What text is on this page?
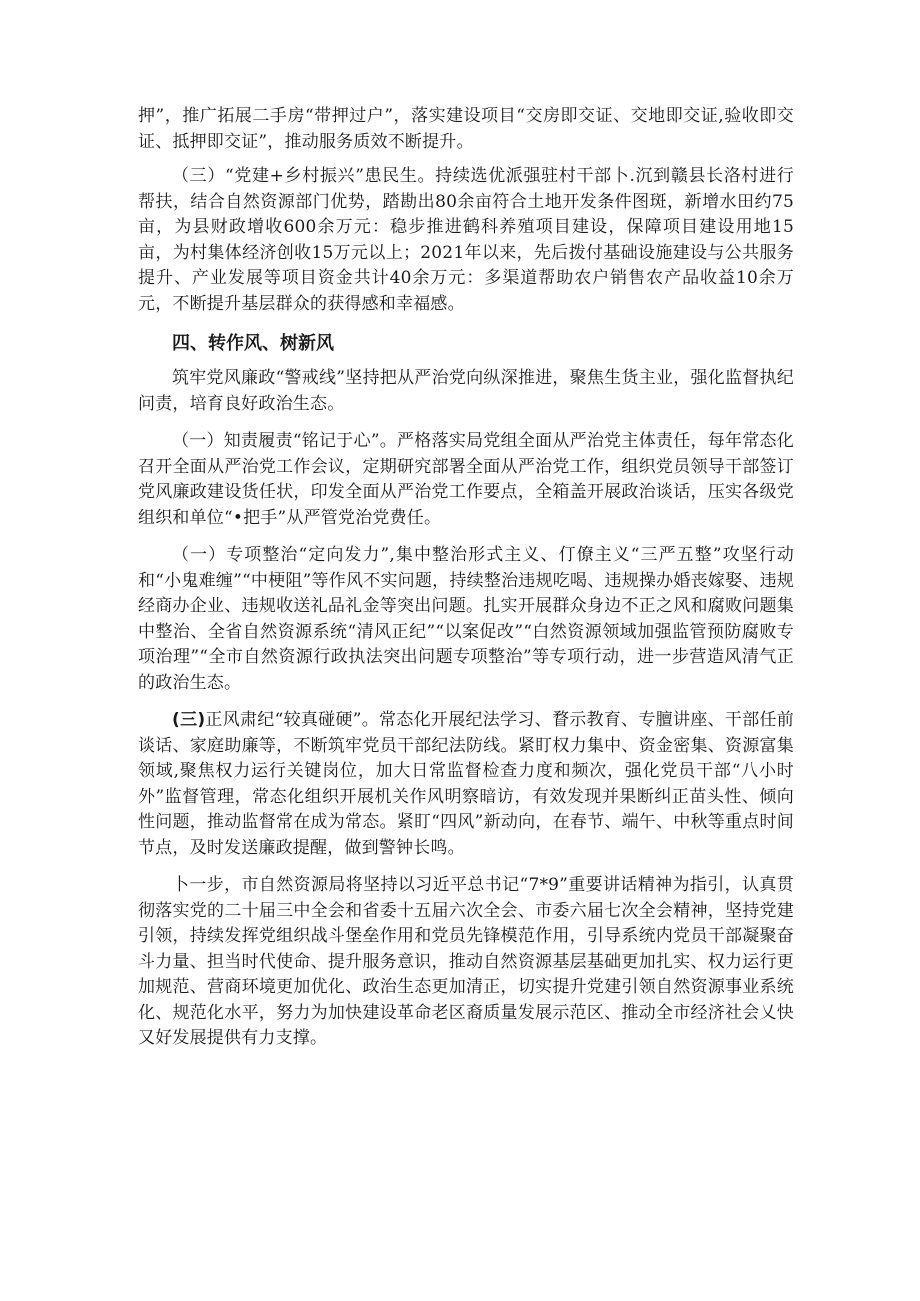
押”，推广拓展二手房“带押过户”，落实建设项目“交房即交证、交地即交证,验收即交证、抵押即交证”，推动服务质效不断提升。

（三）“党建+乡村振兴”患民生。持续选优派强驻村干部卜.沉到赣县长洛村进行帮扶，结合自然资源部门优势，踏勘出80余亩符合土地开发条件图斑，新增水田约75亩，为县财政增收600余万元：稳步推进鹤科养殖项目建设，保障项目建设用地15亩，为村集体经济创收15万元以上；2021年以来，先后拨付基础设施建设与公共服务提升、产业发展等项目资金共计40余万元：多渠道帮助农户销售农产品收益10余万元，不断提升基层群众的获得感和幸福感。

四、转作风、树新风

筑牢党风廉政“警戒线”坚持把从严治党向纵深推进，聚焦生货主业，强化监督执纪问责，培育良好政治生态。

（一）知责履责“铭记于心”。严格落实局党组全面从严治党主体责任，每年常态化召开全面从严治党工作会议，定期研究部署全面从严治党工作，组织党员领导干部签订党风廉政建设货任状，印发全面从严治党工作要点，全箱盖开展政治谈话，压实各级党组织和单位“•把手”从严管党治党费任。

（一）专项整治“定向发力”,集中整治形式主义、仃僚主义“三严五整”攻坚行动和“小鬼难缠”“中梗阻”等作风不实问题，持续整治违规吃喝、违规操办婚丧嫁娶、违规经商办企业、违规收送礼品礼金等突出问题。扎实开展群众身边不正之风和腐败问题集中整治、全省自然资源系统“清风正纪”“以案促改”“白然资源领域加强监管预防腐败专项治理”“全市自然资源行政执法突出问题专项整治”等专项行动，进一步营造风清气正的政治生态。

(三)正风肃纪“较真碰硬”。常态化开展纪法学习、瞀示教育、专膻讲座、干部任前谈话、家庭助廉等，不断筑牢党员干部纪法防线。紧盯权力集中、资金密集、资源富集领域,聚焦权力运行关键岗位，加大日常监督检查力度和频次，强化党员干部“八小时外”监督管理，常态化组织开展机关作风明察暗访，有效发现并果断纠正苗头性、倾向性问题，推动监督常在成为常态。紧盯“四风”新动向，在春节、端午、中秋等重点时间节点，及时发送廉政提醒，做到警钟长鸣。

卜一步，市自然资源局将坚持以习近平总书记“7*9”重要讲话精神为指引，认真贯彻落实党的二十届三中全会和省委十五届六次全会、市委六届七次全会精神，坚持党建引领，持续发挥党组织战斗堡垒作用和党员先锋模范作用，引导系统内党员干部凝聚奋斗力量、担当时代使命、提升服务意识，推动自然资源基层基础更加扎实、权力运行更加规范、营商环境更加优化、政治生态更加清正，切实提升党建引领自然资源事业系统化、规范化水平，努力为加快建设革命老区裔质量发展示范区、推动全市经济社会乂快又好发展提供有力支撑。
